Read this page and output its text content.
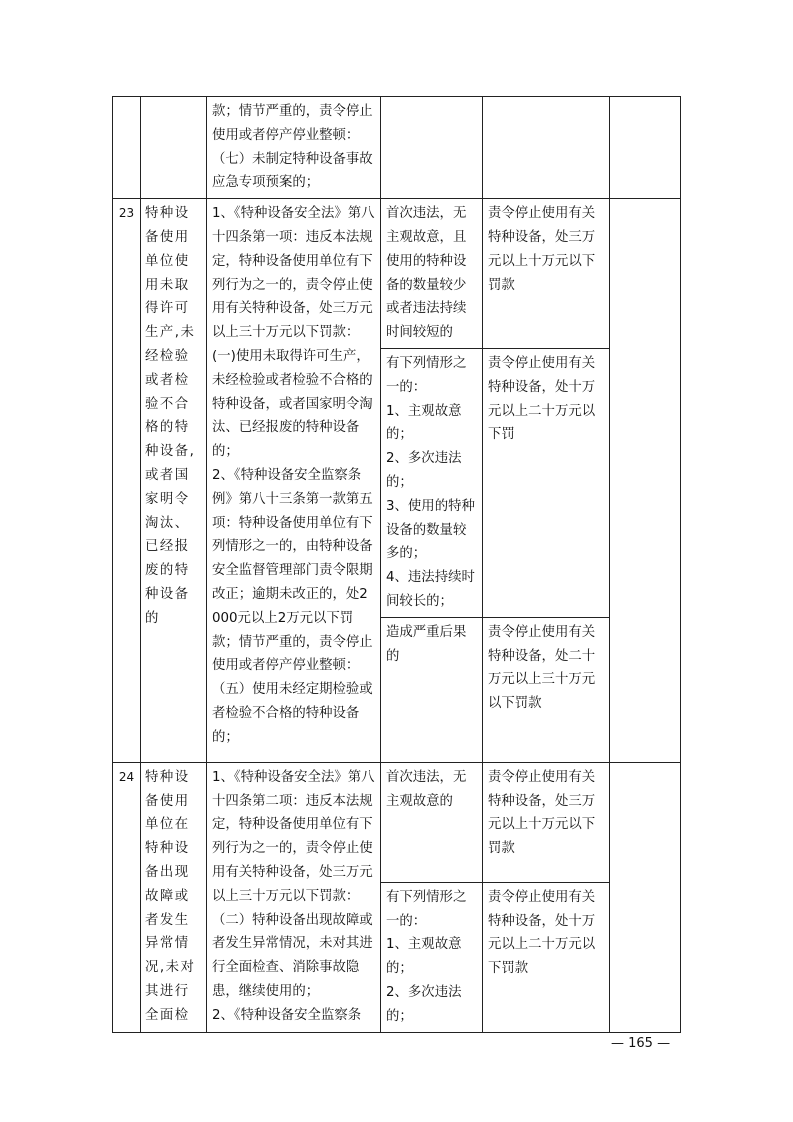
		款；情节严重的，责令停止使用或者停产停业整顿：
（七）未制定特种设备事故应急专项预案的；			

23	特种设备使用单位使用未取得许可生产,未经检验或者检验不合格的特种设备,或者国家明令淘汰、已经报废的特种设备的	1、《特种设备安全法》第八十四条第一项：违反本法规定，特种设备使用单位有下列行为之一的，责令停止使用有关特种设备，处三万元以上三十万元以下罚款：
(一)使用未取得许可生产，未经检验或者检验不合格的特种设备，或者国家明令淘汰、已经报废的特种设备的；
2、《特种设备安全监察条例》第八十三条第一款第五项：特种设备使用单位有下列情形之一的，由特种设备安全监督管理部门责令限期改正；逾期未改正的，处2000元以上2万元以下罚款；情节严重的，责令停止使用或者停产停业整顿：
（五）使用未经定期检验或者检验不合格的特种设备的；	首次违法，无主观故意，且使用的特种设备的数量较少或者违法持续时间较短的	责令停止使用有关特种设备，处三万元以上十万元以下罚款	
			有下列情形之一的：
1、主观故意的；
2、多次违法的；
3、使用的特种设备的数量较多的；
4、违法持续时间较长的；	责令停止使用有关特种设备，处十万元以上二十万元以下罚	
			造成严重后果的	责令停止使用有关特种设备，处二十万元以上三十万元以下罚款	
24	特种设备使用单位在特种设备出现故障或者发生异常情况,未对其进行全面检	1、《特种设备安全法》第八十四条第二项：违反本法规定，特种设备使用单位有下列行为之一的，责令停止使用有关特种设备，处三万元以上三十万元以下罚款：
（二）特种设备出现故障或者发生异常情况，未对其进行全面检查、消除事故隐患，继续使用的；
2、《特种设备安全监察条	首次违法，无主观故意的	责令停止使用有关特种设备，处三万元以上十万元以下罚款	
			有下列情形之一的：
1、主观故意的；
2、多次违法的；	责令停止使用有关特种设备，处十万元以上二十万元以下罚款	
— 165 —
